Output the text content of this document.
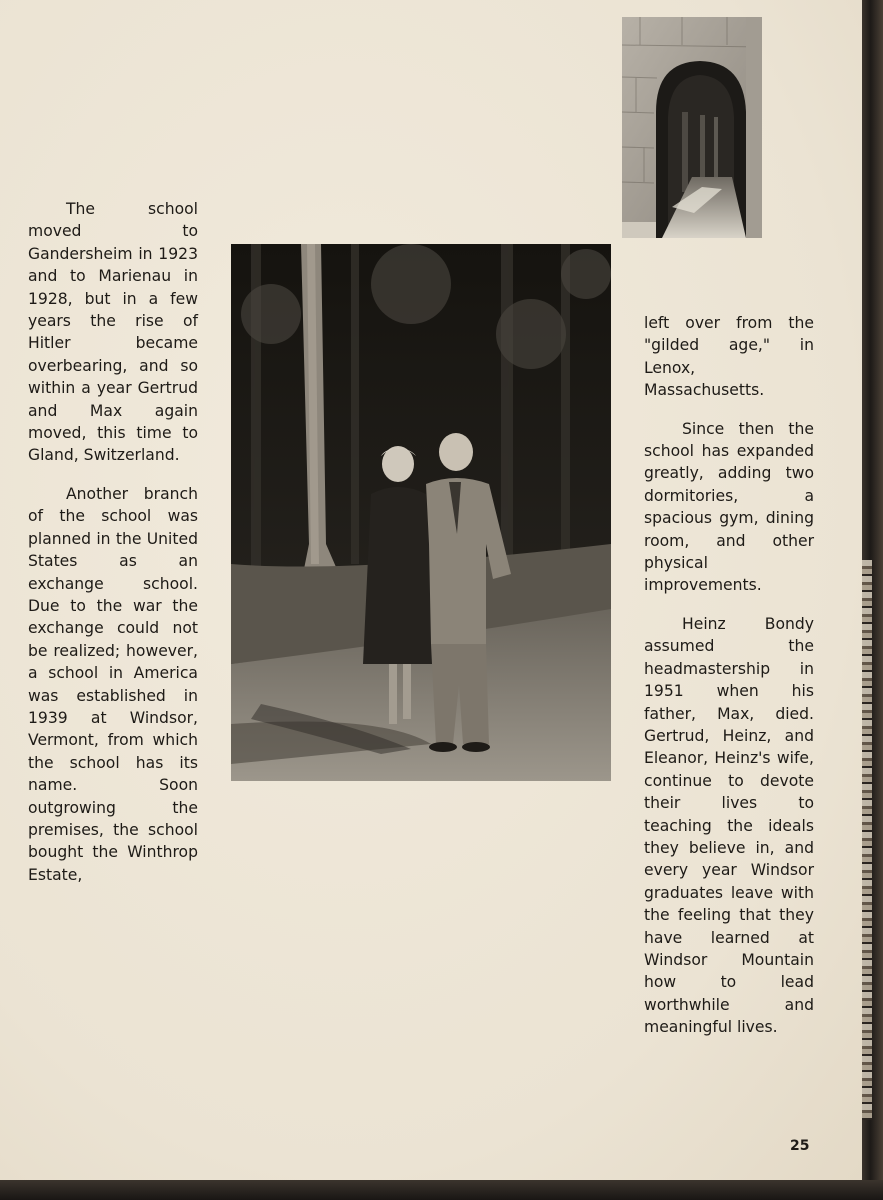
The school moved to Gandersheim in 1923 and to Marienau in 1928, but in a few years the rise of Hitler became overbearing, and so within a year Gertrud and Max again moved, this time to Gland, Switzerland.

Another branch of the school was planned in the United States as an exchange school. Due to the war the exchange could not be realized; however, a school in America was established in 1939 at Windsor, Vermont, from which the school has its name. Soon outgrowing the premises, the school bought the Winthrop Estate,

left over from the "gilded age," in Lenox, Massachusetts.

Since then the school has expanded greatly, adding two dormitories, a spacious gym, dining room, and other physical improvements.

Heinz Bondy assumed the headmastership in 1951 when his father, Max, died. Gertrud, Heinz, and Eleanor, Heinz's wife, continue to devote their lives to teaching the ideals they believe in, and every year Windsor graduates leave with the feeling that they have learned at Windsor Mountain how to lead worthwhile and meaningful lives.

25
